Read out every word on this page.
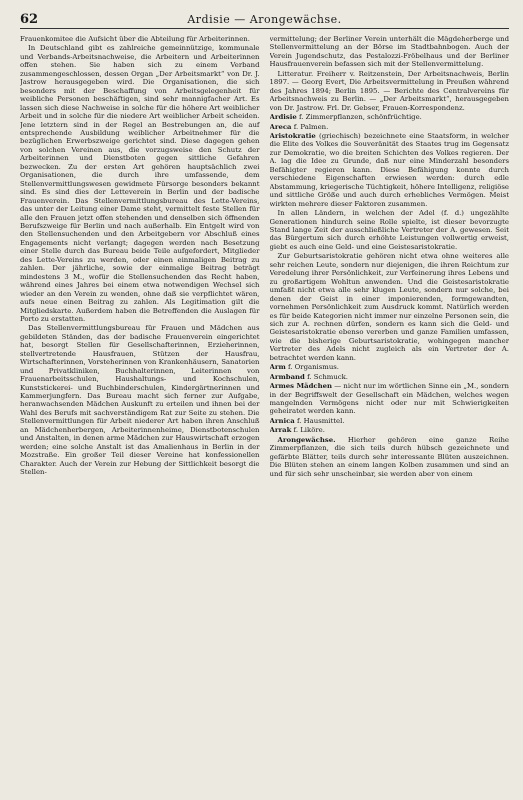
62	Ardisie — Arongewächse.

Frauenkomitee die Aufsicht über die Abteilung für Arbeiterinnen.

In Deutschland gibt es zahlreiche gemeinnützige, kommunale und Verbands-Arbeitsnachweise, die Arbeitern und Arbeiterinnen offen stehen. Sie haben sich zu einem Verband zusammengeschlossen, dessen Organ „Der Arbeitsmarkt“ von Dr. J. Jastrow herausgegeben wird. Die Organisationen, die sich besonders mit der Beschaffung von Arbeitsgelegenheit für weibliche Personen beschäftigen, sind sehr mannigfacher Art. Es lassen sich diese Nachweise in solche für die höhere Art weiblicher Arbeit und in solche für die niedere Art weiblicher Arbeit scheiden. Jene letztern sind in der Regel an Bestrebungen an, die auf entsprechende Ausbildung weiblicher Arbeitnehmer für die bezüglichen Erwerbszweige gerichtet sind. Diese dagegen gehen von solchen Vereinen aus, die vorzugsweise den Schutz der Arbeiterinnen und Dienstboten gegen sittliche Gefahren bezwecken. Zu der ersten Art gehören hauptsächlich zwei Organisationen, die durch ihre umfassende, dem Stellenvermittlungswesen gewidmete Fürsorge besonders bekannt sind. Es sind dies der Letteverein in Berlin und der badische Frauenverein. Das Stellenvermittlungsbureau des Lette-Vereins, das unter der Leitung einer Dame steht, vermittelt feste Stellen für alle den Frauen jetzt offen stehenden und denselben sich öffnenden Berufszweige für Berlin und nach außerhalb. Ein Entgelt wird von den Stellensuchenden und den Arbeitgebern vor Abschluß eines Engagements nicht verlangt; dagegen werden nach Besetzung einer Stelle durch das Bureau beide Teile aufgefordert, Mitglieder des Lette-Vereins zu werden, oder einen einmaligen Beitrag zu zahlen. Der jährliche, sowie der einmalige Beitrag beträgt mindestens 3 M., wofür die Stellensuchenden das Recht haben, während eines Jahres bei einem etwa notwendigen Wechsel sich wieder an den Verein zu wenden, ohne daß sie verpflichtet wären, aufs neue einen Beitrag zu zahlen. Als Legitimation gilt die Mitgliedskarte. Außerdem haben die Betreffenden die Auslagen für Porto zu erstatten.

Das Stellenvermittlungsbureau für Frauen und Mädchen aus gebildeten Ständen, das der badische Frauenverein eingerichtet hat, besorgt Stellen für Gesellschafterinnen, Erzieherinnen, stellvertretende Hausfrauen, Stützen der Hausfrau, Wirtschafterinnen, Vorsteherinnen von Krankenhäusern, Sanatorien und Privatkliniken, Buchhalterinnen, Leiterinnen von Frauenarbeitsschulen, Haushaltungs- und Kochschulen, Kunststickerei- und Buchbinderschulen, Kindergärtnerinnen und Kammerjungfern. Das Bureau macht sich ferner zur Aufgabe, heranwachsenden Mädchen Auskunft zu erteilen und ihnen bei der Wahl des Berufs mit sachverständigem Rat zur Seite zu stehen. Die Stellenvermittlungen für Arbeit niederer Art haben ihren Anschluß an Mädchenherbergen, Arbeiterinnenheime, Dienstbotenschulen und Anstalten, in denen arme Mädchen zur Hauswirtschaft erzogen werden; eine solche Anstalt ist das Amalienhaus in Berlin in der Mozstraße. Ein großer Teil dieser Vereine hat konfessionellen Charakter. Auch der Verein zur Hebung der Sittlichkeit besorgt die Stellen-

vermittelung; der Berliner Verein unterhält die Mägdeherberge und Stellenvermittelung an der Börse im Stadtbahnbogen. Auch der Verein Jugendschutz, das Pestalozzi-Fröbelhaus und der Berliner Hausfrauenverein befassen sich mit der Stellenvermittelung.

Litteratur. Freiherr v. Reitzenstein, Der Arbeitsnachweis, Berlin 1897. — Georg Evert, Die Arbeitsvermittelung in Preußen während des Jahres 1894; Berlin 1895. — Berichte des Centralvereins für Arbeitsnachweis zu Berlin. — „Der Arbeitsmarkt“, herausgegeben von Dr. Jastrow. Frl. Dr. Gebser, Frauen-Korrespondenz.

Ardisie f. Zimmerpflanzen, schönfrüchtige.

Areca f. Palmen.

Aristokratie (griechisch) bezeichnete eine Staatsform, in welcher die Elite des Volkes die Souveränität des Staates trug im Gegensatz zur Demokratie, wo die breiten Schichten des Volkes regieren. Der A. lag die Idee zu Grunde, daß nur eine Minderzahl besonders Befähigter regieren kann. Diese Befähigung konnte durch verschiedene Eigenschaften erwiesen werden: durch edle Abstammung, kriegerische Tüchtigkeit, höhere Intelligenz, religiöse und sittliche Größe und auch durch erhebliches Vermögen. Meist wirkten mehrere dieser Faktoren zusammen.

In allen Ländern, in welchen der Adel (f. d.) ungezählte Generationen hindurch seine Rolle spielte, ist dieser bevorzugte Stand lange Zeit der ausschließliche Vertreter der A. gewesen. Seit das Bürgertum sich durch erhöhte Leistungen vollwertig erweist, giebt es auch eine Geld- und eine Geistesaristokratie.

Zur Geburtsaristokratie gehören nicht etwa ohne weiteres alle sehr reichen Leute, sondern nur diejenigen, die ihren Reichtum zur Veredelung ihrer Persönlichkeit, zur Verfeinerung ihres Lebens und zu großartigem Wohltun anwenden. Und die Geistesaristokratie umfaßt nicht etwa alle sehr klugen Leute, sondern nur solche, bei denen der Geist in einer imponierenden, formgewandten, vornehmen Persönlichkeit zum Ausdruck kommt. Natürlich werden es für beide Kategorien nicht immer nur einzelne Personen sein, die sich zur A. rechnen dürfen, sondern es kann sich die Geld- und Geistesaristokratie ebenso vererben und ganze Familien umfassen, wie die bisherige Geburtsaristokratie, wohingegen mancher Vertreter des Adels nicht zugleich als ein Vertreter der A. betrachtet werden kann.

Arm f. Organismus.

Armband f. Schmuck.

Armes Mädchen — nicht nur im wörtlichen Sinne ein „M., sondern in der Begriffswelt der Gesellschaft ein Mädchen, welches wegen mangelnden Vermögens nicht oder nur mit Schwierigkeiten geheiratet werden kann.

Arnica f. Hausmittel.

Arrak f. Liköre.

Arongewächse. Hierher gehören eine ganze Reihe Zimmerpflanzen, die sich teils durch hübsch gezeichnete und gefärbte Blätter, teils durch sehr interessante Blüten auszeichnen. Die Blüten stehen an einem langen Kolben zusammen und sind an und für sich sehr unscheinbar, sie werden aber von einem
